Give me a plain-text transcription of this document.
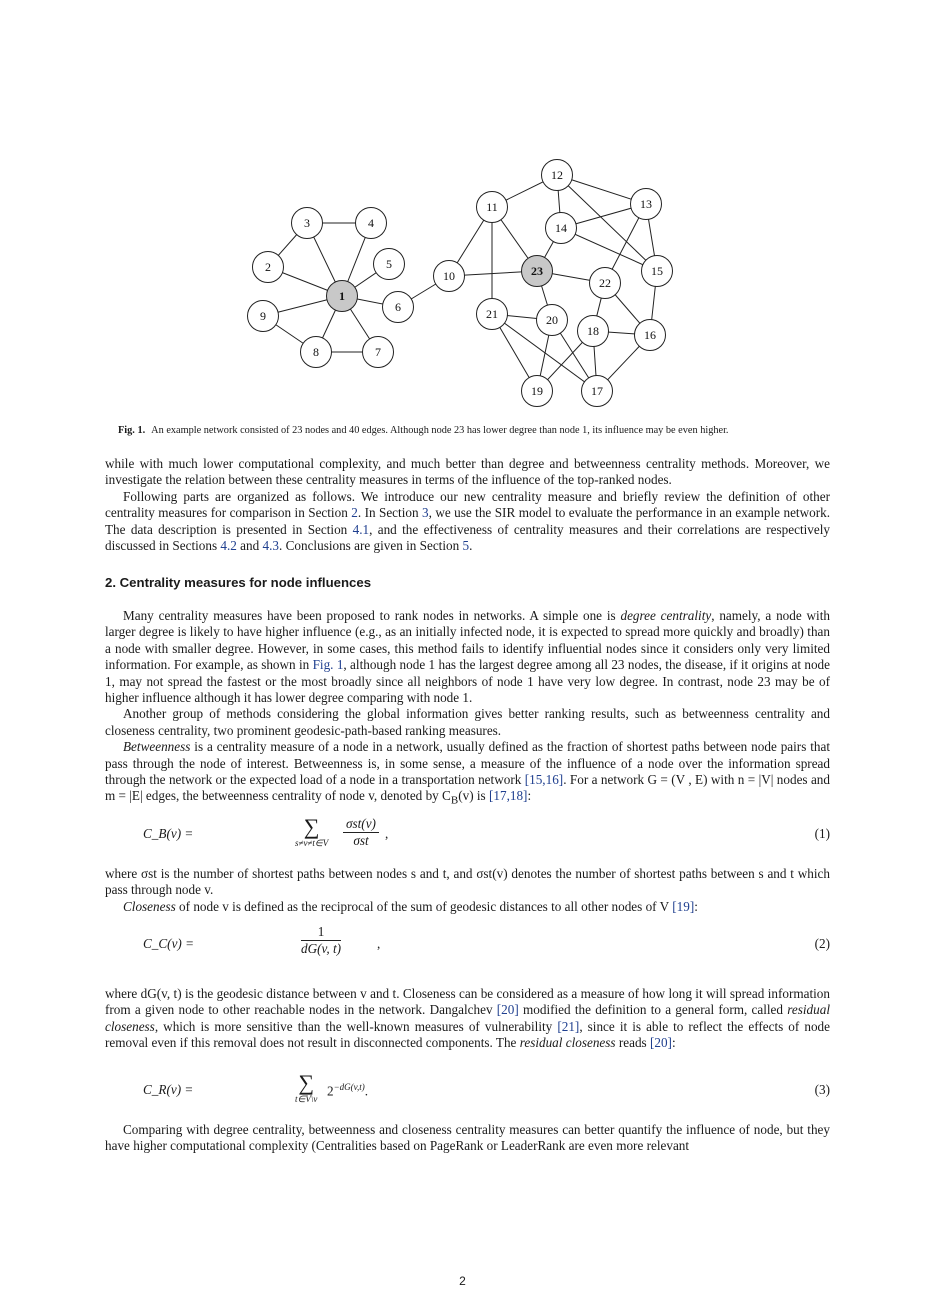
1
2
3	4
5
6
7
8
9
10
11
12
13
14
15
16
17
18
19
20
21
22
23
Fig. 1. An example network consisted of 23 nodes and 40 edges. Although node 23 has lower degree than node 1, its influence may be even higher.

while with much lower computational complexity, and much better than degree and betweenness centrality methods. Moreover, we investigate the relation between these centrality measures in terms of the influence of the top-ranked nodes.

Following parts are organized as follows. We introduce our new centrality measure and briefly review the definition of other centrality measures for comparison in Section 2. In Section 3, we use the SIR model to evaluate the performance in an example network. The data description is presented in Section 4.1, and the effectiveness of centrality measures and their correlations are respectively discussed in Sections 4.2 and 4.3. Conclusions are given in Section 5.

2. Centrality measures for node influences

Many centrality measures have been proposed to rank nodes in networks. A simple one is degree centrality, namely, a node with larger degree is likely to have higher influence (e.g., as an initially infected node, it is expected to spread more quickly and broadly) than a node with smaller degree. However, in some cases, this method fails to identify influential nodes since it considers only very limited information. For example, as shown in Fig. 1, although node 1 has the largest degree among all 23 nodes, the disease, if it origins at node 1, may not spread the fastest or the most broadly since all neighbors of node 1 have very low degree. In contrast, node 23 may be of higher influence although it has lower degree comparing with node 1.

Another group of methods considering the global information gives better ranking results, such as betweenness centrality and closeness centrality, two prominent geodesic-path-based ranking measures.

Betweenness is a centrality measure of a node in a network, usually defined as the fraction of shortest paths between node pairs that pass through the node of interest. Betweenness is, in some sense, a measure of the influence of a node over the information spread through the network or the expected load of a node in a transportation network [15,16]. For a network G = (V , E) with n = |V| nodes and m = |E| edges, the betweenness centrality of node v, denoted by $C_B(v)$ is [17,18]:

C_B(v) =	∑
s≠v≠t∈V
σst(v)
σst	,	(1)

where σst is the number of shortest paths between nodes s and t, and σst(v) denotes the number of shortest paths between s and t which pass through node v.

Closeness of node v is defined as the reciprocal of the sum of geodesic distances to all other nodes of V [19]:

C_C(v) =	$\frac{1}{dG(v, t)}$	,	(2)

where dG(v, t) is the geodesic distance between v and t. Closeness can be considered as a measure of how long it will spread information from a given node to other reachable nodes in the network. Dangalchev [20] modified the definition to a general form, called residual closeness, which is more sensitive than the well-known measures of vulnerability [21], since it is able to reflect the effects of node removal even if this removal does not result in disconnected components. The residual closeness reads [20]:

C_R(v) =	∑
t∈V\v
$2^{-dG(v,t)}$.	(3)

Comparing with degree centrality, betweenness and closeness centrality measures can better quantify the influence of node, but they have higher computational complexity (Centralities based on PageRank or LeaderRank are even more relevant

2
